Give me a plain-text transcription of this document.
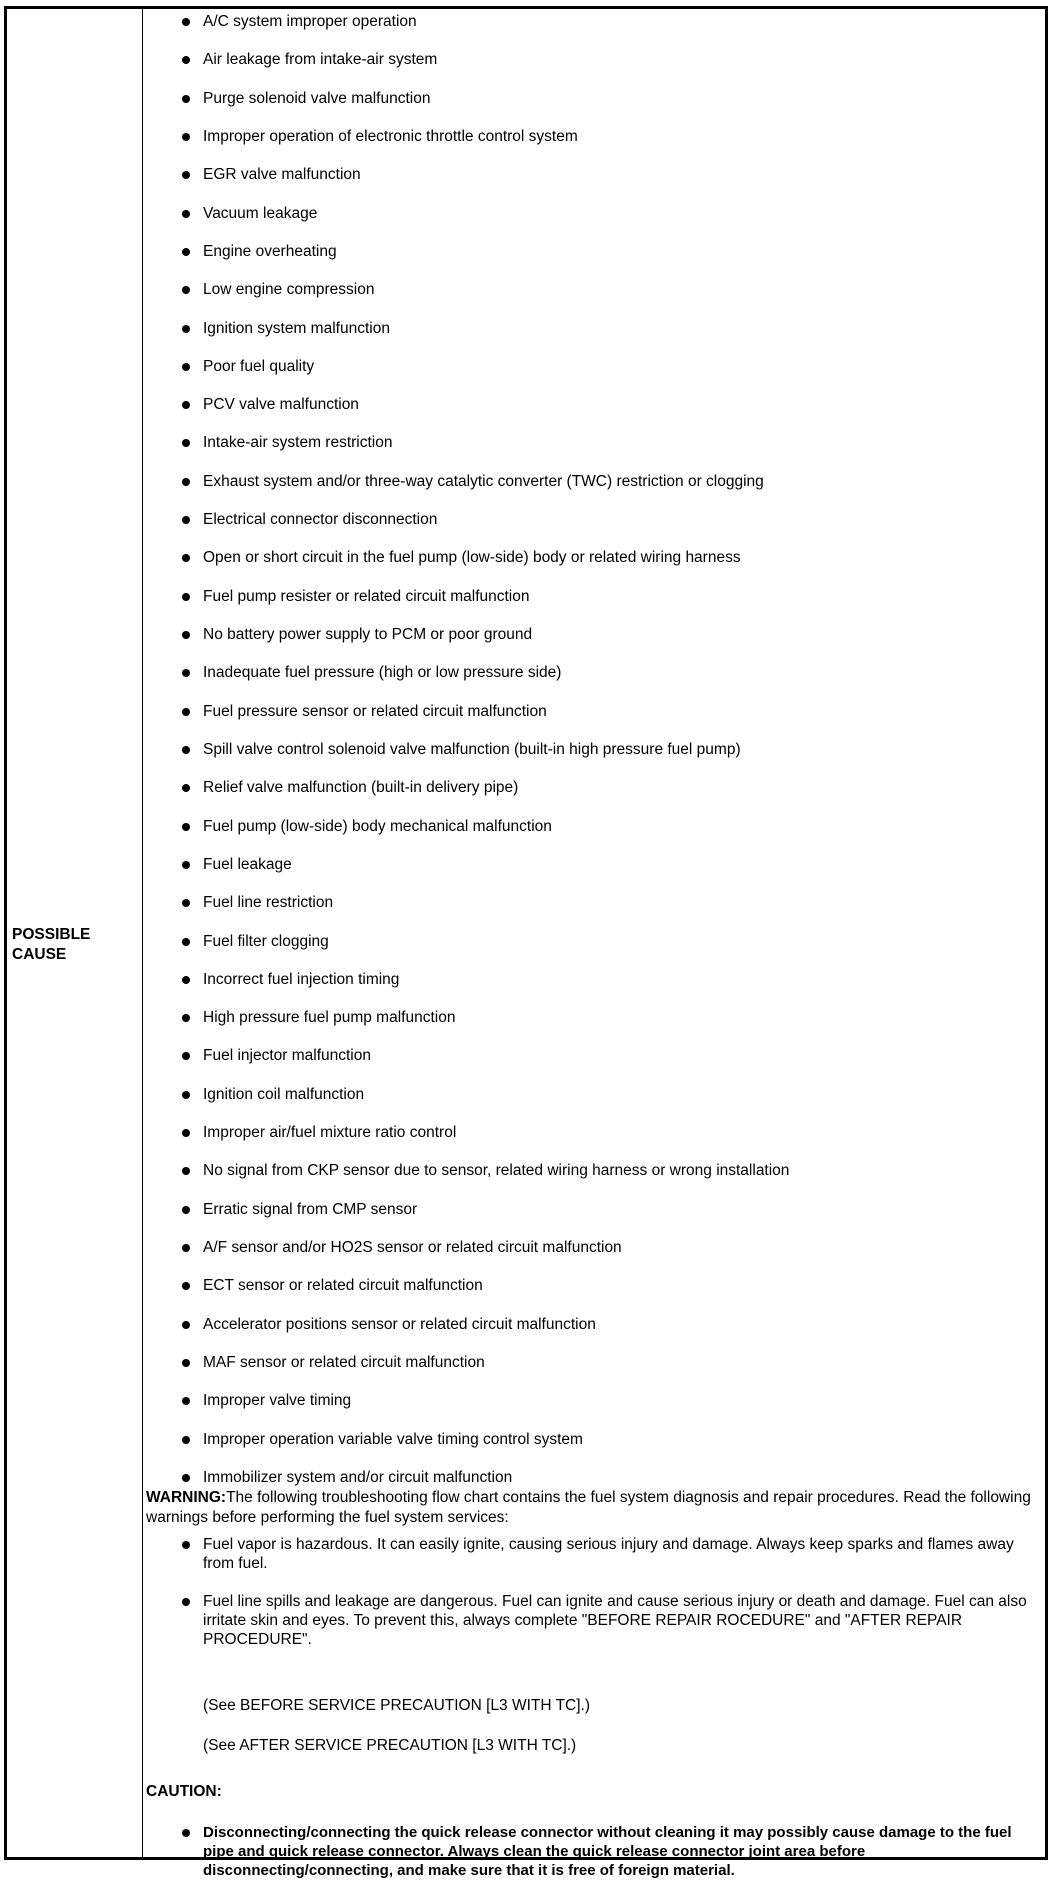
POSSIBLE
CAUSE
A/C system improper operation
Air leakage from intake-air system
Purge solenoid valve malfunction
Improper operation of electronic throttle control system
EGR valve malfunction
Vacuum leakage
Engine overheating
Low engine compression
Ignition system malfunction
Poor fuel quality
PCV valve malfunction
Intake-air system restriction
Exhaust system and/or three-way catalytic converter (TWC) restriction or clogging
Electrical connector disconnection
Open or short circuit in the fuel pump (low-side) body or related wiring harness
Fuel pump resister or related circuit malfunction
No battery power supply to PCM or poor ground
Inadequate fuel pressure (high or low pressure side)
Fuel pressure sensor or related circuit malfunction
Spill valve control solenoid valve malfunction (built-in high pressure fuel pump)
Relief valve malfunction (built-in delivery pipe)
Fuel pump (low-side) body mechanical malfunction
Fuel leakage
Fuel line restriction
Fuel filter clogging
Incorrect fuel injection timing
High pressure fuel pump malfunction
Fuel injector malfunction
Ignition coil malfunction
Improper air/fuel mixture ratio control
No signal from CKP sensor due to sensor, related wiring harness or wrong installation
Erratic signal from CMP sensor
A/F sensor and/or HO2S sensor or related circuit malfunction
ECT sensor or related circuit malfunction
Accelerator positions sensor or related circuit malfunction
MAF sensor or related circuit malfunction
Improper valve timing
Improper operation variable valve timing control system
Immobilizer system and/or circuit malfunction
WARNING:The following troubleshooting flow chart contains the fuel system diagnosis and repair procedures. Read the following warnings before performing the fuel system services:
Fuel vapor is hazardous. It can easily ignite, causing serious injury and damage. Always keep sparks and flames away from fuel.
Fuel line spills and leakage are dangerous. Fuel can ignite and cause serious injury or death and damage. Fuel can also irritate skin and eyes. To prevent this, always complete "BEFORE REPAIR ROCEDURE" and "AFTER REPAIR PROCEDURE".
(See BEFORE SERVICE PRECAUTION [L3 WITH TC].)
(See AFTER SERVICE PRECAUTION [L3 WITH TC].)
CAUTION:
Disconnecting/connecting the quick release connector without cleaning it may possibly cause damage to the fuel pipe and quick release connector. Always clean the quick release connector joint area before disconnecting/connecting, and make sure that it is free of foreign material.
